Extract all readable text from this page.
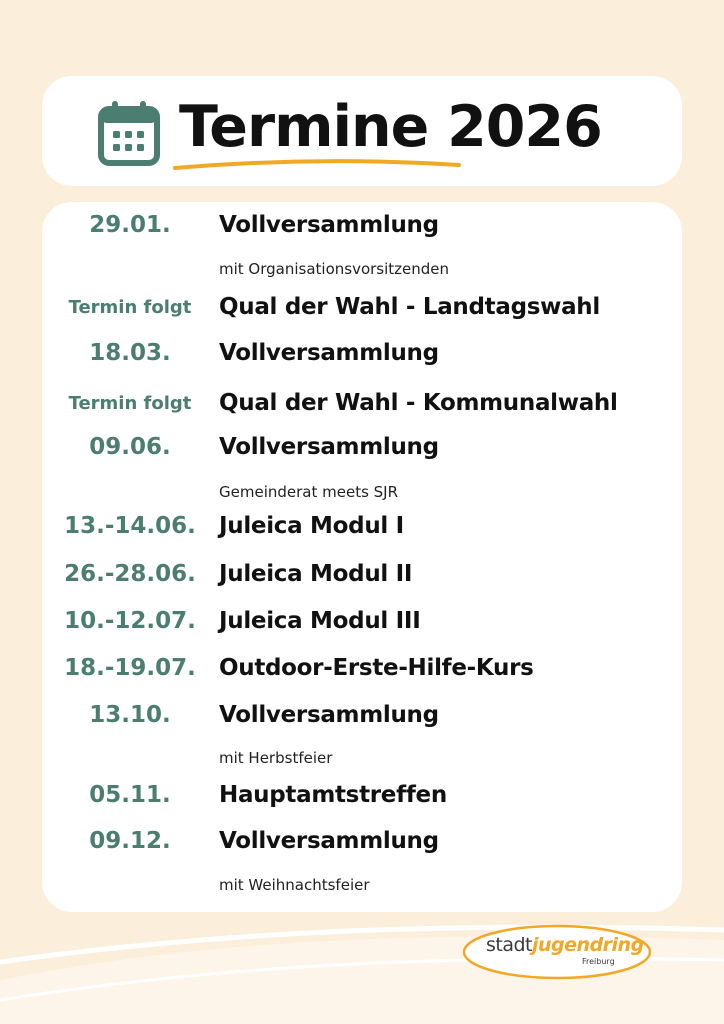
Termine 2026
29.01.	Vollversammlung
mit Organisationsvorsitzenden
Termin folgt	Qual der Wahl - Landtagswahl
18.03.	Vollversammlung
Termin folgt	Qual der Wahl - Kommunalwahl
09.06.	Vollversammlung
Gemeinderat meets SJR
13.-14.06.	Juleica Modul I
26.-28.06.	Juleica Modul II
10.-12.07.	Juleica Modul III
18.-19.07.	Outdoor-Erste-Hilfe-Kurs
13.10.	Vollversammlung
mit Herbstfeier
05.11.	Hauptamtstreffen
09.12.	Vollversammlung
mit Weihnachtsfeier
stadtjugendring
Freiburg
